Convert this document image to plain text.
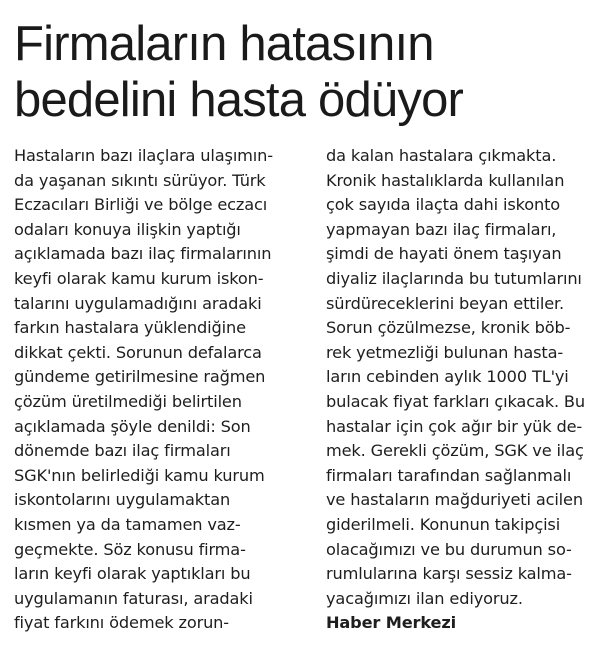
Firmaların hatasının
bedelini hasta ödüyor
Hastaların bazı ilaçlara ulaşımın-
da yaşanan sıkıntı sürüyor. Türk
Eczacıları Birliği ve bölge eczacı
odaları konuya ilişkin yaptığı
açıklamada bazı ilaç firmalarının
keyfi olarak kamu kurum iskon-
talarını uygulamadığını aradaki
farkın hastalara yüklendiğine
dikkat çekti. Sorunun defalarca
gündeme getirilmesine rağmen
çözüm üretilmediği belirtilen
açıklamada şöyle denildi: Son
dönemde bazı ilaç firmaları
SGK'nın belirlediği kamu kurum
iskontolarını uygulamaktan
kısmen ya da tamamen vaz-
geçmekte. Söz konusu firma-
ların keyfi olarak yaptıkları bu
uygulamanın faturası, aradaki
fiyat farkını ödemek zorun-
da kalan hastalara çıkmakta.
Kronik hastalıklarda kullanılan
çok sayıda ilaçta dahi iskonto
yapmayan bazı ilaç firmaları,
şimdi de hayati önem taşıyan
diyaliz ilaçlarında bu tutumlarını
sürdüreceklerini beyan ettiler.
Sorun çözülmezse, kronik böb-
rek yetmezliği bulunan hasta-
ların cebinden aylık 1000 TL'yi
bulacak fiyat farkları çıkacak. Bu
hastalar için çok ağır bir yük de-
mek. Gerekli çözüm, SGK ve ilaç
firmaları tarafından sağlanmalı
ve hastaların mağduriyeti acilen
giderilmeli. Konunun takipçisi
olacağımızı ve bu durumun so-
rumlularına karşı sessiz kalma-
yacağımızı ilan ediyoruz.
Haber Merkezi
